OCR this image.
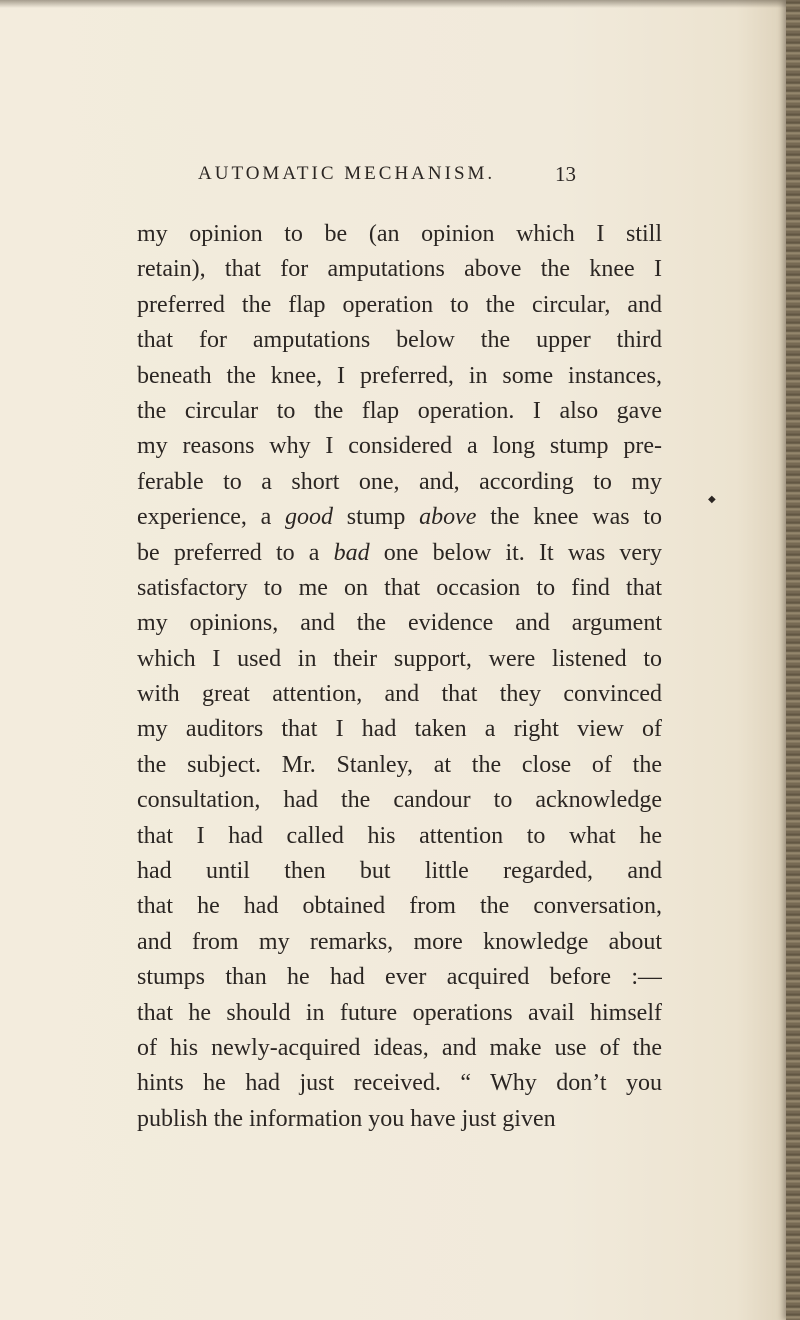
AUTOMATIC MECHANISM.	13
my opinion to be (an opinion which I still
retain), that for amputations above the knee I
preferred the flap operation to the circular, and
that for amputations below the upper third
beneath the knee, I preferred, in some instances,
the circular to the flap operation. I also gave
my reasons why I considered a long stump pre-
ferable to a short one, and, according to my
experience, a good stump above the knee was to
be preferred to a bad one below it. It was very
satisfactory to me on that occasion to find that
my opinions, and the evidence and argument
which I used in their support, were listened to
with great attention, and that they convinced
my auditors that I had taken a right view of
the subject. Mr. Stanley, at the close of the
consultation, had the candour to acknowledge
that I had called his attention to what he
had until then but little regarded, and
that he had obtained from the conversation,
and from my remarks, more knowledge about
stumps than he had ever acquired before :—
that he should in future operations avail himself
of his newly-acquired ideas, and make use of the
hints he had just received. “ Why don’t you
publish the information you have just given
◆
